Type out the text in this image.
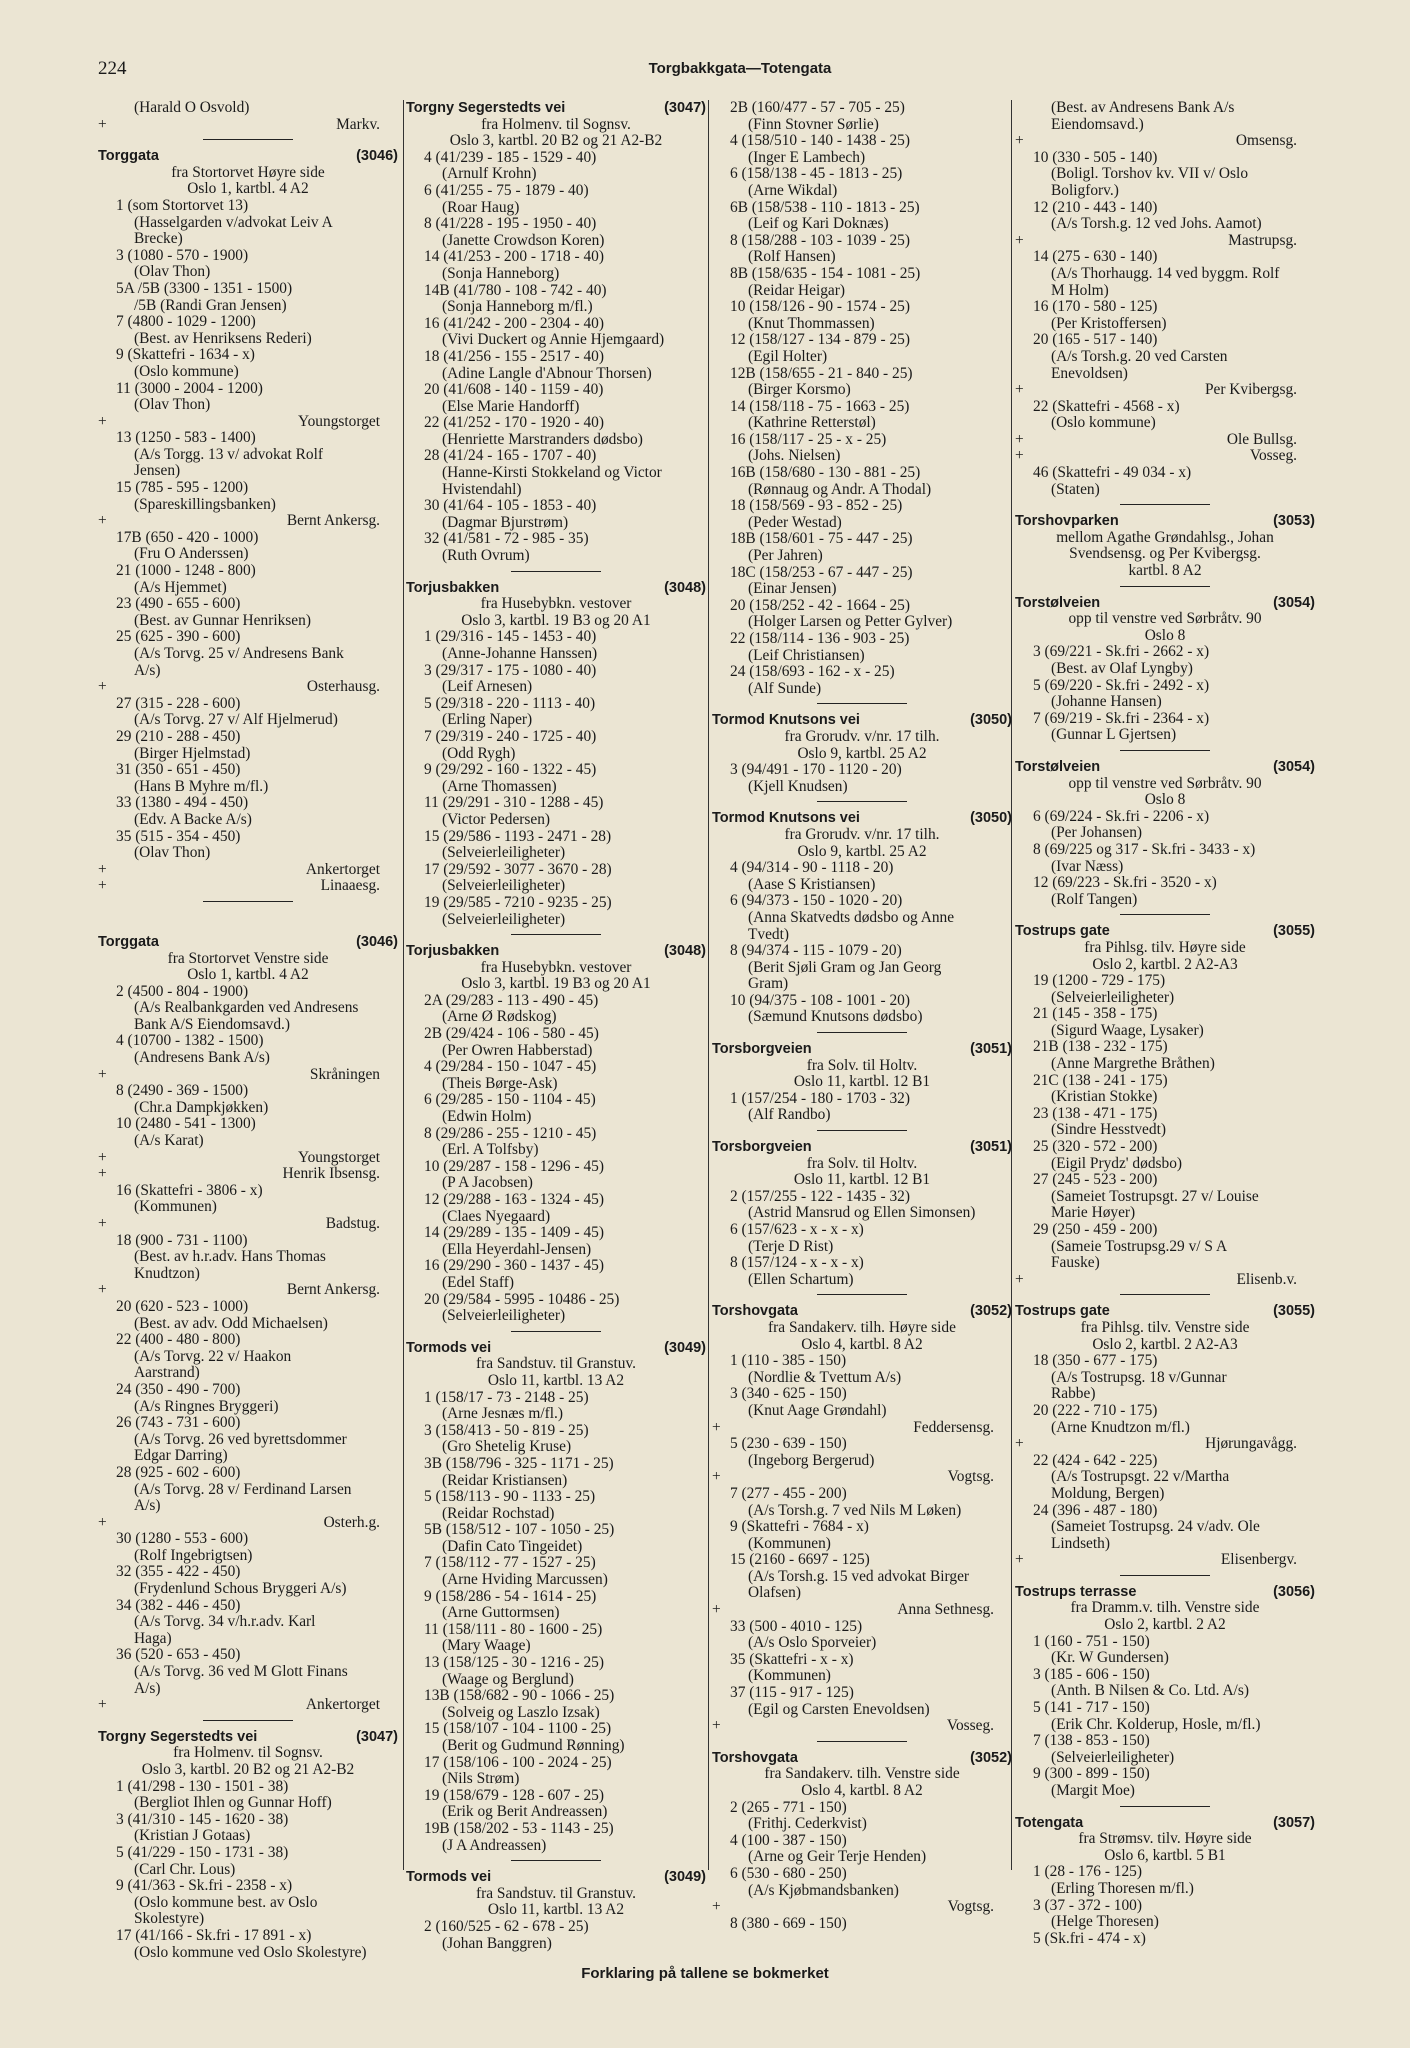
224	Torgbakkgata—Totengata
(Harald O Osvold)
+	Markv.
Torggata	(3046)
fra Stortorvet Høyre side
Oslo 1, kartbl. 4 A2
1 (som Stortorvet 13)
(Hasselgarden v/advokat Leiv A
Brecke)
3 (1080 - 570 - 1900)
(Olav Thon)
5A /5B (3300 - 1351 - 1500)
/5B (Randi Gran Jensen)
7 (4800 - 1029 - 1200)
(Best. av Henriksens Rederi)
9 (Skattefri - 1634 - x)
(Oslo kommune)
11 (3000 - 2004 - 1200)
(Olav Thon)
+	Youngstorget
13 (1250 - 583 - 1400)
(A/s Torgg. 13 v/ advokat Rolf
Jensen)
15 (785 - 595 - 1200)
(Spareskillingsbanken)
+	Bernt Ankersg.
17B (650 - 420 - 1000)
(Fru O Anderssen)
21 (1000 - 1248 - 800)
(A/s Hjemmet)
23 (490 - 655 - 600)
(Best. av Gunnar Henriksen)
25 (625 - 390 - 600)
(A/s Torvg. 25 v/ Andresens Bank
A/s)
+	Osterhausg.
27 (315 - 228 - 600)
(A/s Torvg. 27 v/ Alf Hjelmerud)
29 (210 - 288 - 450)
(Birger Hjelmstad)
31 (350 - 651 - 450)
(Hans B Myhre m/fl.)
33 (1380 - 494 - 450)
(Edv. A Backe A/s)
35 (515 - 354 - 450)
(Olav Thon)
+	Ankertorget
+	Linaaesg.
Torggata	(3046)
fra Stortorvet Venstre side
Oslo 1, kartbl. 4 A2
2 (4500 - 804 - 1900)
(A/s Realbankgarden ved Andresens
Bank A/S Eiendomsavd.)
4 (10700 - 1382 - 1500)
(Andresens Bank A/s)
+	Skråningen
8 (2490 - 369 - 1500)
(Chr.a Dampkjøkken)
10 (2480 - 541 - 1300)
(A/s Karat)
+	Youngstorget
+	Henrik Ibsensg.
16 (Skattefri - 3806 - x)
(Kommunen)
+	Badstug.
18 (900 - 731 - 1100)
(Best. av h.r.adv. Hans Thomas
Knudtzon)
+	Bernt Ankersg.
20 (620 - 523 - 1000)
(Best. av adv. Odd Michaelsen)
22 (400 - 480 - 800)
(A/s Torvg. 22 v/ Haakon
Aarstrand)
24 (350 - 490 - 700)
(A/s Ringnes Bryggeri)
26 (743 - 731 - 600)
(A/s Torvg. 26 ved byrettsdommer
Edgar Darring)
28 (925 - 602 - 600)
(A/s Torvg. 28 v/ Ferdinand Larsen
A/s)
+	Osterh.g.
30 (1280 - 553 - 600)
(Rolf Ingebrigtsen)
32 (355 - 422 - 450)
(Frydenlund Schous Bryggeri A/s)
34 (382 - 446 - 450)
(A/s Torvg. 34 v/h.r.adv. Karl
Haga)
36 (520 - 653 - 450)
(A/s Torvg. 36 ved M Glott Finans
A/s)
+	Ankertorget
Torgny Segerstedts vei	(3047)
fra Holmenv. til Sognsv.
Oslo 3, kartbl. 20 B2 og 21 A2-B2
1 (41/298 - 130 - 1501 - 38)
(Bergliot Ihlen og Gunnar Hoff)
3 (41/310 - 145 - 1620 - 38)
(Kristian J Gotaas)
5 (41/229 - 150 - 1731 - 38)
(Carl Chr. Lous)
9 (41/363 - Sk.fri - 2358 - x)
(Oslo kommune best. av Oslo
Skolestyre)
17 (41/166 - Sk.fri - 17 891 - x)
(Oslo kommune ved Oslo Skolestyre)
Torgny Segerstedts vei	(3047)
fra Holmenv. til Sognsv.
Oslo 3, kartbl. 20 B2 og 21 A2-B2
4 (41/239 - 185 - 1529 - 40)
(Arnulf Krohn)
6 (41/255 - 75 - 1879 - 40)
(Roar Haug)
8 (41/228 - 195 - 1950 - 40)
(Janette Crowdson Koren)
14 (41/253 - 200 - 1718 - 40)
(Sonja Hanneborg)
14B (41/780 - 108 - 742 - 40)
(Sonja Hanneborg m/fl.)
16 (41/242 - 200 - 2304 - 40)
(Vivi Duckert og Annie Hjemgaard)
18 (41/256 - 155 - 2517 - 40)
(Adine Langle d'Abnour Thorsen)
20 (41/608 - 140 - 1159 - 40)
(Else Marie Handorff)
22 (41/252 - 170 - 1920 - 40)
(Henriette Marstranders dødsbo)
28 (41/24 - 165 - 1707 - 40)
(Hanne-Kirsti Stokkeland og Victor
Hvistendahl)
30 (41/64 - 105 - 1853 - 40)
(Dagmar Bjurstrøm)
32 (41/581 - 72 - 985 - 35)
(Ruth Ovrum)
Torjusbakken	(3048)
fra Husebybkn. vestover
Oslo 3, kartbl. 19 B3 og 20 A1
1 (29/316 - 145 - 1453 - 40)
(Anne-Johanne Hanssen)
3 (29/317 - 175 - 1080 - 40)
(Leif Arnesen)
5 (29/318 - 220 - 1113 - 40)
(Erling Naper)
7 (29/319 - 240 - 1725 - 40)
(Odd Rygh)
9 (29/292 - 160 - 1322 - 45)
(Arne Thomassen)
11 (29/291 - 310 - 1288 - 45)
(Victor Pedersen)
15 (29/586 - 1193 - 2471 - 28)
(Selveierleiligheter)
17 (29/592 - 3077 - 3670 - 28)
(Selveierleiligheter)
19 (29/585 - 7210 - 9235 - 25)
(Selveierleiligheter)
Torjusbakken	(3048)
fra Husebybkn. vestover
Oslo 3, kartbl. 19 B3 og 20 A1
2A (29/283 - 113 - 490 - 45)
(Arne Ø Rødskog)
2B (29/424 - 106 - 580 - 45)
(Per Owren Habberstad)
4 (29/284 - 150 - 1047 - 45)
(Theis Børge-Ask)
6 (29/285 - 150 - 1104 - 45)
(Edwin Holm)
8 (29/286 - 255 - 1210 - 45)
(Erl. A Tolfsby)
10 (29/287 - 158 - 1296 - 45)
(P A Jacobsen)
12 (29/288 - 163 - 1324 - 45)
(Claes Nyegaard)
14 (29/289 - 135 - 1409 - 45)
(Ella Heyerdahl-Jensen)
16 (29/290 - 360 - 1437 - 45)
(Edel Staff)
20 (29/584 - 5995 - 10486 - 25)
(Selveierleiligheter)
Tormods vei	(3049)
fra Sandstuv. til Granstuv.
Oslo 11, kartbl. 13 A2
1 (158/17 - 73 - 2148 - 25)
(Arne Jesnæs m/fl.)
3 (158/413 - 50 - 819 - 25)
(Gro Shetelig Kruse)
3B (158/796 - 325 - 1171 - 25)
(Reidar Kristiansen)
5 (158/113 - 90 - 1133 - 25)
(Reidar Rochstad)
5B (158/512 - 107 - 1050 - 25)
(Dafin Cato Tingeidet)
7 (158/112 - 77 - 1527 - 25)
(Arne Hviding Marcussen)
9 (158/286 - 54 - 1614 - 25)
(Arne Guttormsen)
11 (158/111 - 80 - 1600 - 25)
(Mary Waage)
13 (158/125 - 30 - 1216 - 25)
(Waage og Berglund)
13B (158/682 - 90 - 1066 - 25)
(Solveig og Laszlo Izsak)
15 (158/107 - 104 - 1100 - 25)
(Berit og Gudmund Rønning)
17 (158/106 - 100 - 2024 - 25)
(Nils Strøm)
19 (158/679 - 128 - 607 - 25)
(Erik og Berit Andreassen)
19B (158/202 - 53 - 1143 - 25)
(J A Andreassen)
Tormods vei	(3049)
fra Sandstuv. til Granstuv.
Oslo 11, kartbl. 13 A2
2 (160/525 - 62 - 678 - 25)
(Johan Banggren)
2B (160/477 - 57 - 705 - 25)
(Finn Stovner Sørlie)
4 (158/510 - 140 - 1438 - 25)
(Inger E Lambech)
6 (158/138 - 45 - 1813 - 25)
(Arne Wikdal)
6B (158/538 - 110 - 1813 - 25)
(Leif og Kari Doknæs)
8 (158/288 - 103 - 1039 - 25)
(Rolf Hansen)
8B (158/635 - 154 - 1081 - 25)
(Reidar Heigar)
10 (158/126 - 90 - 1574 - 25)
(Knut Thommassen)
12 (158/127 - 134 - 879 - 25)
(Egil Holter)
12B (158/655 - 21 - 840 - 25)
(Birger Korsmo)
14 (158/118 - 75 - 1663 - 25)
(Kathrine Retterstøl)
16 (158/117 - 25 - x - 25)
(Johs. Nielsen)
16B (158/680 - 130 - 881 - 25)
(Rønnaug og Andr. A Thodal)
18 (158/569 - 93 - 852 - 25)
(Peder Westad)
18B (158/601 - 75 - 447 - 25)
(Per Jahren)
18C (158/253 - 67 - 447 - 25)
(Einar Jensen)
20 (158/252 - 42 - 1664 - 25)
(Holger Larsen og Petter Gylver)
22 (158/114 - 136 - 903 - 25)
(Leif Christiansen)
24 (158/693 - 162 - x - 25)
(Alf Sunde)
Tormod Knutsons vei	(3050)
fra Grorudv. v/nr. 17 tilh.
Oslo 9, kartbl. 25 A2
3 (94/491 - 170 - 1120 - 20)
(Kjell Knudsen)
Tormod Knutsons vei	(3050)
fra Grorudv. v/nr. 17 tilh.
Oslo 9, kartbl. 25 A2
4 (94/314 - 90 - 1118 - 20)
(Aase S Kristiansen)
6 (94/373 - 150 - 1020 - 20)
(Anna Skatvedts dødsbo og Anne
Tvedt)
8 (94/374 - 115 - 1079 - 20)
(Berit Sjøli Gram og Jan Georg
Gram)
10 (94/375 - 108 - 1001 - 20)
(Sæmund Knutsons dødsbo)
Torsborgveien	(3051)
fra Solv. til Holtv.
Oslo 11, kartbl. 12 B1
1 (157/254 - 180 - 1703 - 32)
(Alf Randbo)
Torsborgveien	(3051)
fra Solv. til Holtv.
Oslo 11, kartbl. 12 B1
2 (157/255 - 122 - 1435 - 32)
(Astrid Mansrud og Ellen Simonsen)
6 (157/623 - x - x - x)
(Terje D Rist)
8 (157/124 - x - x - x)
(Ellen Schartum)
Torshovgata	(3052)
fra Sandakerv. tilh. Høyre side
Oslo 4, kartbl. 8 A2
1 (110 - 385 - 150)
(Nordlie & Tvettum A/s)
3 (340 - 625 - 150)
(Knut Aage Grøndahl)
+	Feddersensg.
5 (230 - 639 - 150)
(Ingeborg Bergerud)
+	Vogtsg.
7 (277 - 455 - 200)
(A/s Torsh.g. 7 ved Nils M Løken)
9 (Skattefri - 7684 - x)
(Kommunen)
15 (2160 - 6697 - 125)
(A/s Torsh.g. 15 ved advokat Birger
Olafsen)
+	Anna Sethnesg.
33 (500 - 4010 - 125)
(A/s Oslo Sporveier)
35 (Skattefri - x - x)
(Kommunen)
37 (115 - 917 - 125)
(Egil og Carsten Enevoldsen)
+	Vosseg.
Torshovgata	(3052)
fra Sandakerv. tilh. Venstre side
Oslo 4, kartbl. 8 A2
2 (265 - 771 - 150)
(Frithj. Cederkvist)
4 (100 - 387 - 150)
(Arne og Geir Terje Henden)
6 (530 - 680 - 250)
(A/s Kjøbmandsbanken)
+	Vogtsg.
8 (380 - 669 - 150)
(Best. av Andresens Bank A/s
Eiendomsavd.)
+	Omsensg.
10 (330 - 505 - 140)
(Boligl. Torshov kv. VII v/ Oslo
Boligforv.)
12 (210 - 443 - 140)
(A/s Torsh.g. 12 ved Johs. Aamot)
+	Mastrupsg.
14 (275 - 630 - 140)
(A/s Thorhaugg. 14 ved byggm. Rolf
M Holm)
16 (170 - 580 - 125)
(Per Kristoffersen)
20 (165 - 517 - 140)
(A/s Torsh.g. 20 ved Carsten
Enevoldsen)
+	Per Kvibergsg.
22 (Skattefri - 4568 - x)
(Oslo kommune)
+	Ole Bullsg.
+	Vosseg.
46 (Skattefri - 49 034 - x)
(Staten)
Torshovparken	(3053)
mellom Agathe Grøndahlsg., Johan
Svendsensg. og Per Kvibergsg.
kartbl. 8 A2
Torstølveien	(3054)
opp til venstre ved Sørbråtv. 90
Oslo 8
3 (69/221 - Sk.fri - 2662 - x)
(Best. av Olaf Lyngby)
5 (69/220 - Sk.fri - 2492 - x)
(Johanne Hansen)
7 (69/219 - Sk.fri - 2364 - x)
(Gunnar L Gjertsen)
Torstølveien	(3054)
opp til venstre ved Sørbråtv. 90
Oslo 8
6 (69/224 - Sk.fri - 2206 - x)
(Per Johansen)
8 (69/225 og 317 - Sk.fri - 3433 - x)
(Ivar Næss)
12 (69/223 - Sk.fri - 3520 - x)
(Rolf Tangen)
Tostrups gate	(3055)
fra Pihlsg. tilv. Høyre side
Oslo 2, kartbl. 2 A2-A3
19 (1200 - 729 - 175)
(Selveierleiligheter)
21 (145 - 358 - 175)
(Sigurd Waage, Lysaker)
21B (138 - 232 - 175)
(Anne Margrethe Bråthen)
21C (138 - 241 - 175)
(Kristian Stokke)
23 (138 - 471 - 175)
(Sindre Hesstvedt)
25 (320 - 572 - 200)
(Eigil Prydz' dødsbo)
27 (245 - 523 - 200)
(Sameiet Tostrupsgt. 27 v/ Louise
Marie Høyer)
29 (250 - 459 - 200)
(Sameie Tostrupsg.29 v/ S A
Fauske)
+	Elisenb.v.
Tostrups gate	(3055)
fra Pihlsg. tilv. Venstre side
Oslo 2, kartbl. 2 A2-A3
18 (350 - 677 - 175)
(A/s Tostrupsg. 18 v/Gunnar
Rabbe)
20 (222 - 710 - 175)
(Arne Knudtzon m/fl.)
+	Hjørungavågg.
22 (424 - 642 - 225)
(A/s Tostrupsgt. 22 v/Martha
Moldung, Bergen)
24 (396 - 487 - 180)
(Sameiet Tostrupsg. 24 v/adv. Ole
Lindseth)
+	Elisenbergv.
Tostrups terrasse	(3056)
fra Dramm.v. tilh. Venstre side
Oslo 2, kartbl. 2 A2
1 (160 - 751 - 150)
(Kr. W Gundersen)
3 (185 - 606 - 150)
(Anth. B Nilsen & Co. Ltd. A/s)
5 (141 - 717 - 150)
(Erik Chr. Kolderup, Hosle, m/fl.)
7 (138 - 853 - 150)
(Selveierleiligheter)
9 (300 - 899 - 150)
(Margit Moe)
Totengata	(3057)
fra Strømsv. tilv. Høyre side
Oslo 6, kartbl. 5 B1
1 (28 - 176 - 125)
(Erling Thoresen m/fl.)
3 (37 - 372 - 100)
(Helge Thoresen)
5 (Sk.fri - 474 - x)
Forklaring på tallene se bokmerket
